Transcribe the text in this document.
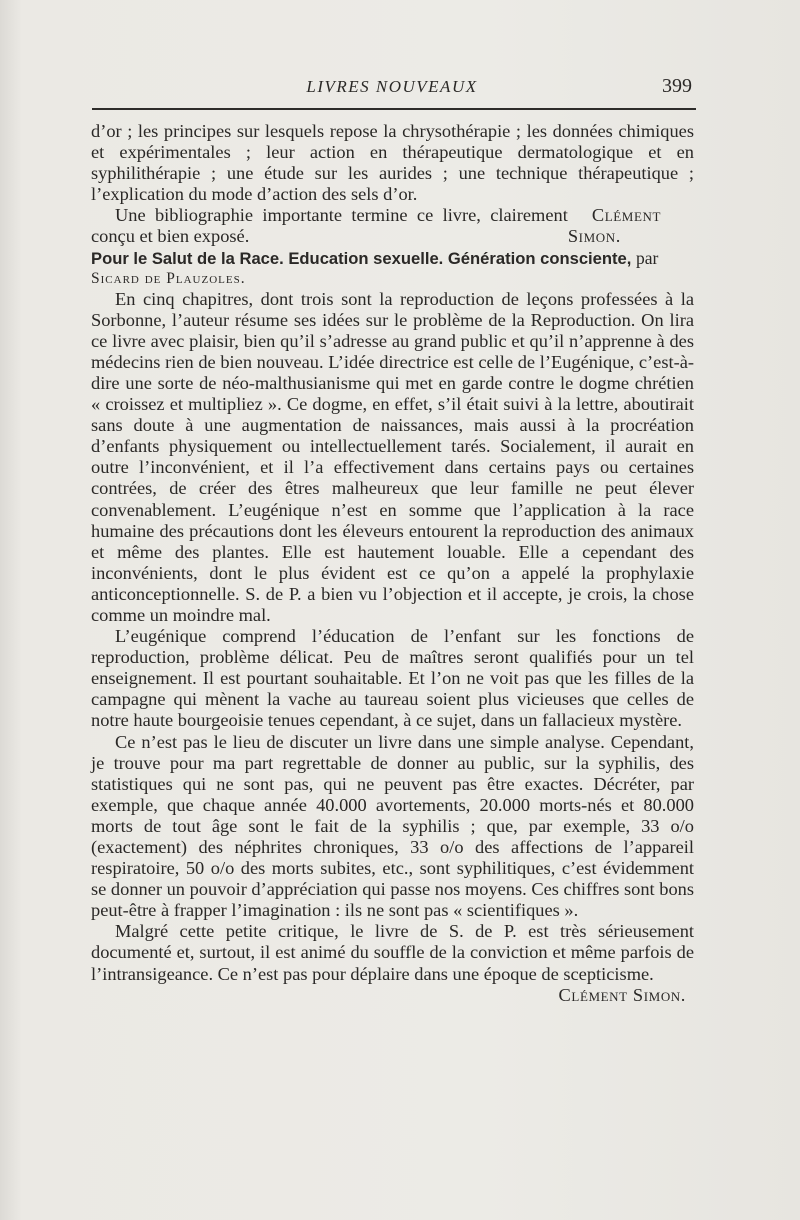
LIVRES NOUVEAUX	399

d’or ; les principes sur lesquels repose la chrysothérapie ; les données chimiques et expérimentales ; leur action en thérapeutique dermatologique et en syphilithérapie ; une étude sur les aurides ; une technique thérapeutique ; l’explication du mode d’action des sels d’or.

Une bibliographie importante termine ce livre, clairement conçu et bien exposé.
Clément Simon.

Pour le Salut de la Race. Education sexuelle. Génération consciente, par

Sicard de Plauzoles.

En cinq chapitres, dont trois sont la reproduction de leçons professées à la Sorbonne, l’auteur résume ses idées sur le problème de la Reproduction. On lira ce livre avec plaisir, bien qu’il s’adresse au grand public et qu’il n’apprenne à des médecins rien de bien nouveau. L’idée directrice est celle de l’Eugénique, c’est-à-dire une sorte de néo-malthusianisme qui met en garde contre le dogme chrétien « croissez et multipliez ». Ce dogme, en effet, s’il était suivi à la lettre, aboutirait sans doute à une augmentation de naissances, mais aussi à la procréation d’enfants physiquement ou intellectuellement tarés. Socialement, il aurait en outre l’inconvénient, et il l’a effectivement dans certains pays ou certaines contrées, de créer des êtres malheureux que leur famille ne peut élever convenablement. L’eugénique n’est en somme que l’application à la race humaine des précautions dont les éleveurs entourent la reproduction des animaux et même des plantes. Elle est hautement louable. Elle a cependant des inconvénients, dont le plus évident est ce qu’on a appelé la prophylaxie anticonceptionnelle. S. de P. a bien vu l’objection et il accepte, je crois, la chose comme un moindre mal.

L’eugénique comprend l’éducation de l’enfant sur les fonctions de reproduction, problème délicat. Peu de maîtres seront qualifiés pour un tel enseignement. Il est pourtant souhaitable. Et l’on ne voit pas que les filles de la campagne qui mènent la vache au taureau soient plus vicieuses que celles de notre haute bourgeoisie tenues cependant, à ce sujet, dans un fallacieux mystère.

Ce n’est pas le lieu de discuter un livre dans une simple analyse. Cependant, je trouve pour ma part regrettable de donner au public, sur la syphilis, des statistiques qui ne sont pas, qui ne peuvent pas être exactes. Décréter, par exemple, que chaque année 40.000 avortements, 20.000 morts-nés et 80.000 morts de tout âge sont le fait de la syphilis ; que, par exemple, 33 o/o (exactement) des néphrites chroniques, 33 o/o des affections de l’appareil respiratoire, 50 o/o des morts subites, etc., sont syphilitiques, c’est évidemment se donner un pouvoir d’appréciation qui passe nos moyens. Ces chiffres sont bons peut-être à frapper l’imagination : ils ne sont pas « scientifiques ».

Malgré cette petite critique, le livre de S. de P. est très sérieusement documenté et, surtout, il est animé du souffle de la conviction et même parfois de l’intransigeance. Ce n’est pas pour déplaire dans une époque de scepticisme.
Clément Simon.
